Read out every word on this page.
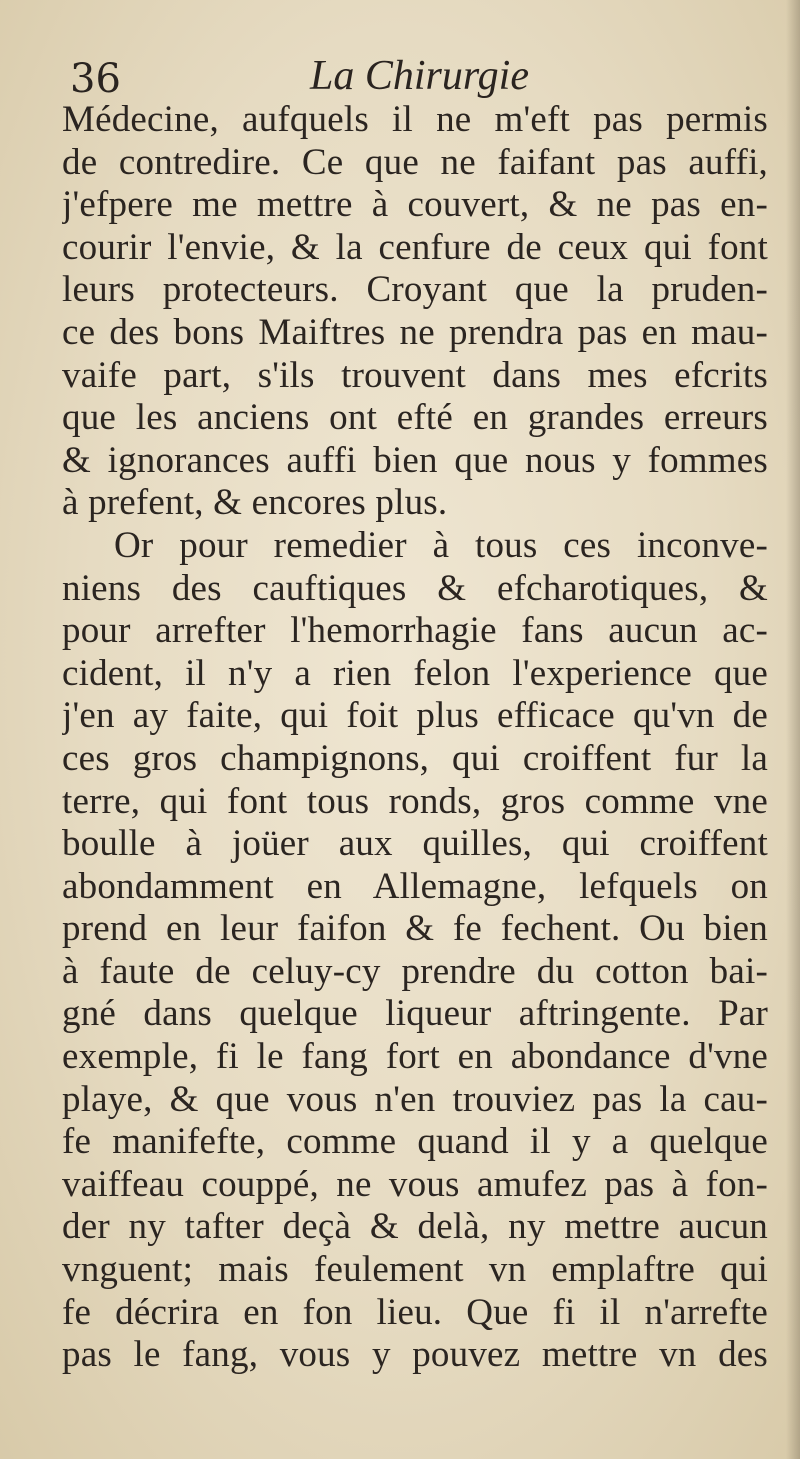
36	La Chirurgie
Médecine, aufquels il ne m'eft pas permis
de contredire. Ce que ne faifant pas auffi,
j'efpere me mettre à couvert, & ne pas en-
courir l'envie, & la cenfure de ceux qui font
leurs protecteurs. Croyant que la pruden-
ce des bons Maiftres ne prendra pas en mau-
vaife part, s'ils trouvent dans mes efcrits
que les anciens ont efté en grandes erreurs
& ignorances auffi bien que nous y fommes
à prefent, & encores plus.
Or pour remedier à tous ces inconve-
niens des cauftiques & efcharotiques, &
pour arrefter l'hemorrhagie fans aucun ac-
cident, il n'y a rien felon l'experience que
j'en ay faite, qui foit plus efficace qu'vn de
ces gros champignons, qui croiffent fur la
terre, qui font tous ronds, gros comme vne
boulle à joüer aux quilles, qui croiffent
abondamment en Allemagne, lefquels on
prend en leur faifon & fe fechent. Ou bien
à faute de celuy-cy prendre du cotton bai-
gné dans quelque liqueur aftringente. Par
exemple, fi le fang fort en abondance d'vne
playe, & que vous n'en trouviez pas la cau-
fe manifefte, comme quand il y a quelque
vaiffeau couppé, ne vous amufez pas à fon-
der ny tafter deçà & delà, ny mettre aucun
vnguent; mais feulement vn emplaftre qui
fe décrira en fon lieu. Que fi il n'arrefte
pas le fang, vous y pouvez mettre vn des
